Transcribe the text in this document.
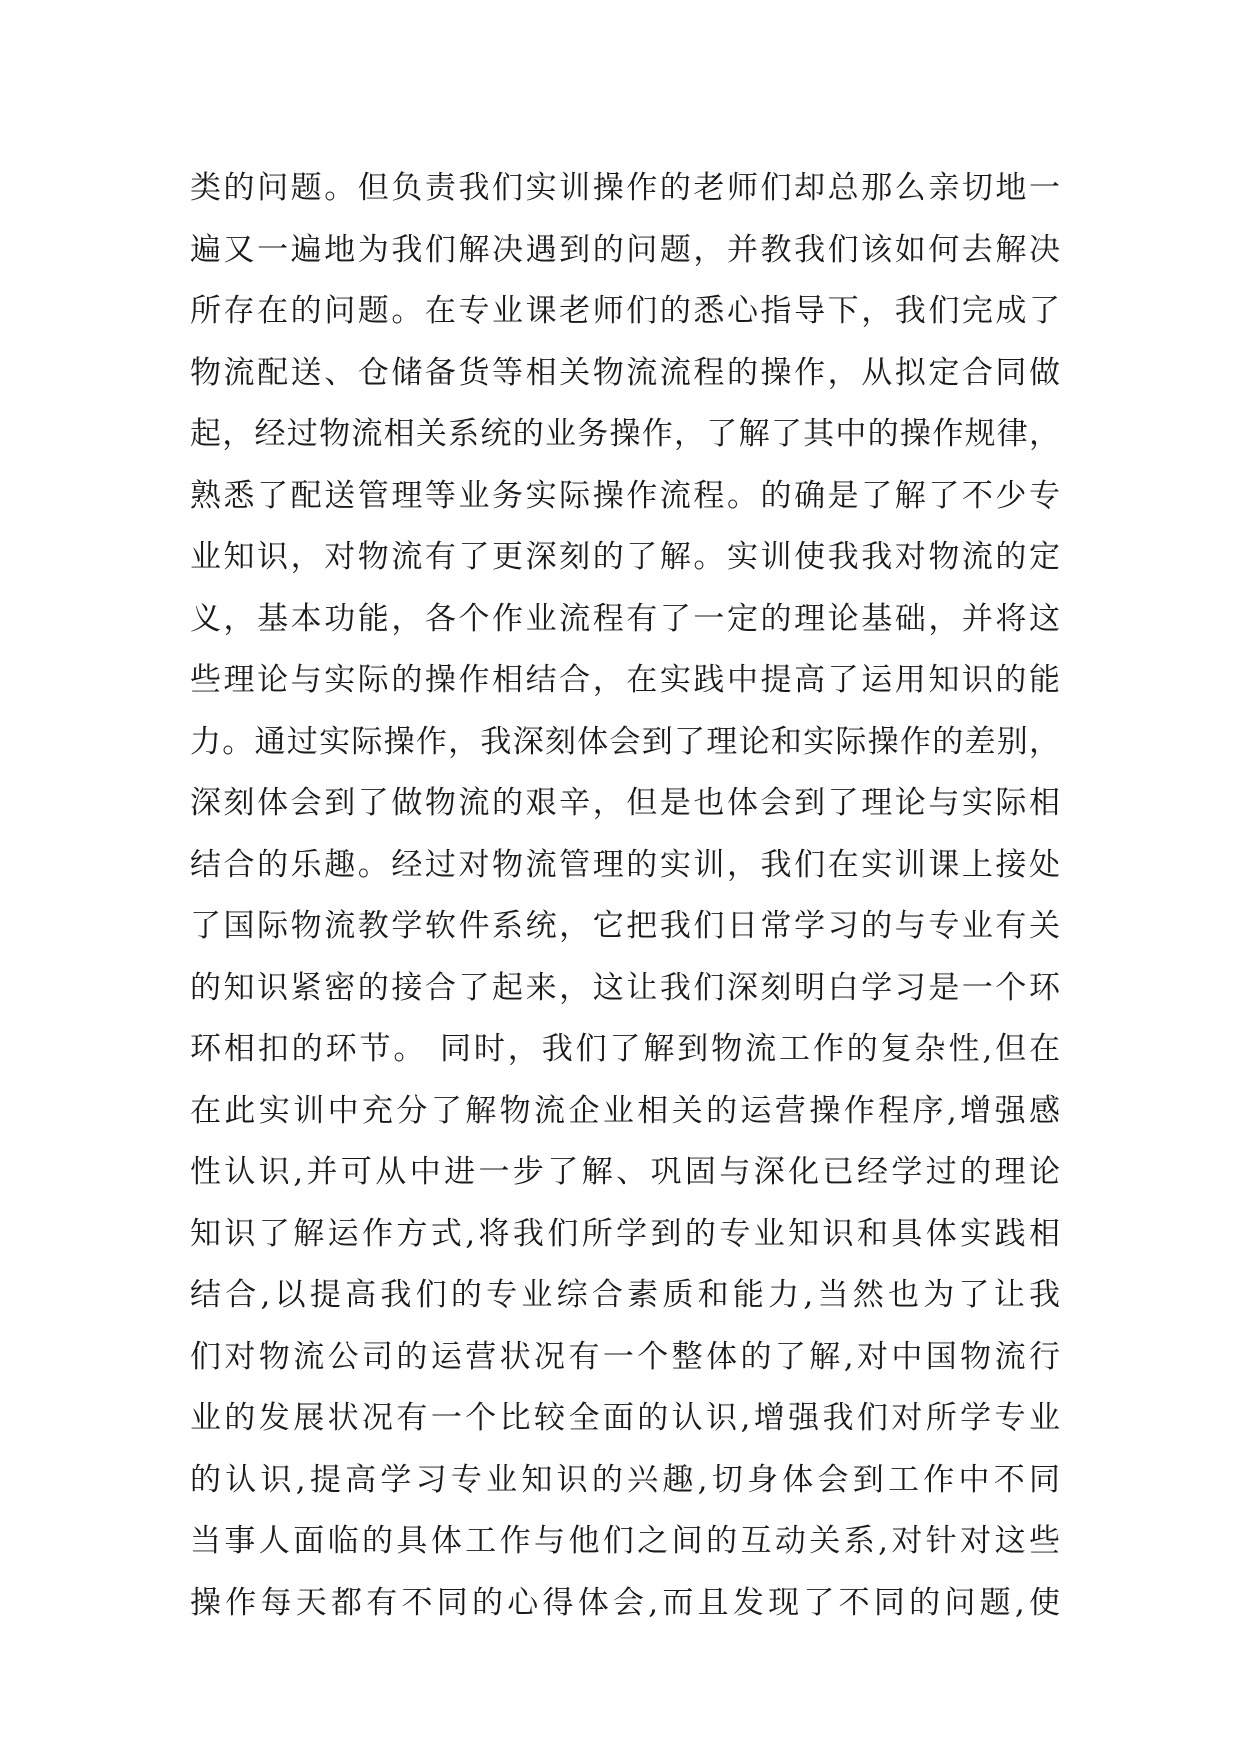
类的问题。但负责我们实训操作的老师们却总那么亲切地一
遍又一遍地为我们解决遇到的问题，并教我们该如何去解决
所存在的问题。在专业课老师们的悉心指导下，我们完成了
物流配送、仓储备货等相关物流流程的操作，从拟定合同做
起，经过物流相关系统的业务操作，了解了其中的操作规律，
熟悉了配送管理等业务实际操作流程。的确是了解了不少专
业知识，对物流有了更深刻的了解。实训使我我对物流的定
义，基本功能，各个作业流程有了一定的理论基础，并将这
些理论与实际的操作相结合，在实践中提高了运用知识的能
力。通过实际操作，我深刻体会到了理论和实际操作的差别，
深刻体会到了做物流的艰辛，但是也体会到了理论与实际相
结合的乐趣。经过对物流管理的实训，我们在实训课上接处
了国际物流教学软件系统，它把我们日常学习的与专业有关
的知识紧密的接合了起来，这让我们深刻明白学习是一个环
环相扣的环节。 同时，我们了解到物流工作的复杂性,但在
在此实训中充分了解物流企业相关的运营操作程序,增强感
性认识,并可从中进一步了解、巩固与深化已经学过的理论
知识了解运作方式,将我们所学到的专业知识和具体实践相
结合,以提高我们的专业综合素质和能力,当然也为了让我
们对物流公司的运营状况有一个整体的了解,对中国物流行
业的发展状况有一个比较全面的认识,增强我们对所学专业
的认识,提高学习专业知识的兴趣,切身体会到工作中不同
当事人面临的具体工作与他们之间的互动关系,对针对这些
操作每天都有不同的心得体会,而且发现了不同的问题,使
